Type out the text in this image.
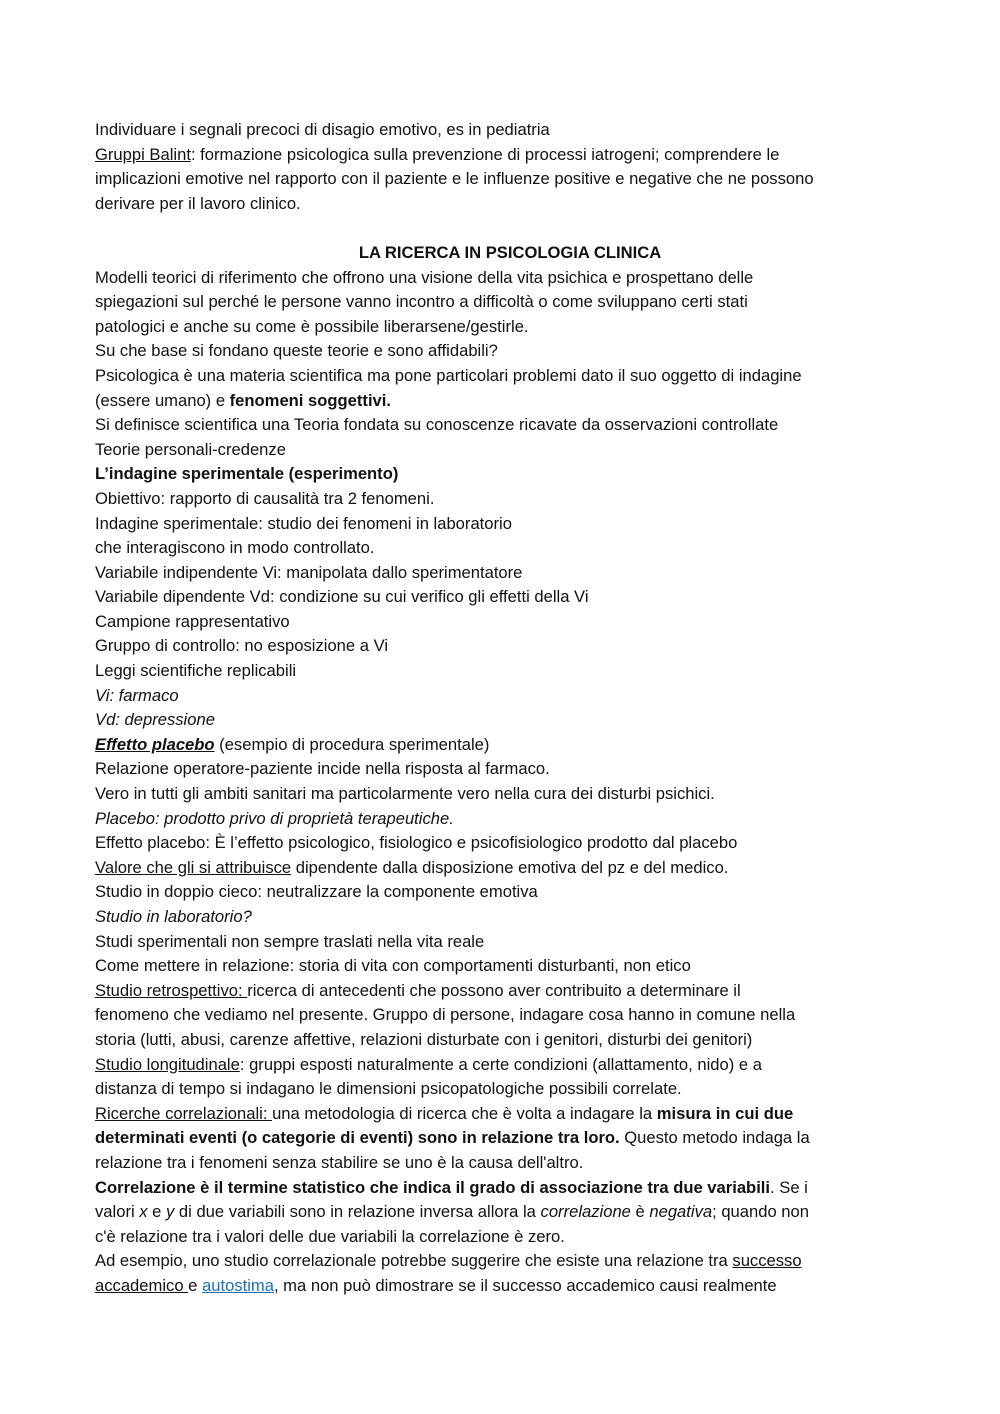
Individuare i segnali precoci di disagio emotivo, es in pediatria

Gruppi Balint: formazione psicologica sulla prevenzione di processi iatrogeni; comprendere le

implicazioni emotive nel rapporto con il paziente e le influenze positive e negative che ne possono

derivare per il lavoro clinico.

LA RICERCA IN PSICOLOGIA CLINICA

Modelli teorici di riferimento che offrono una visione della vita psichica e prospettano delle

spiegazioni sul perché le persone vanno incontro a difficoltà o come sviluppano certi stati

patologici e anche su come è possibile liberarsene/gestirle.

Su che base si fondano queste teorie e sono affidabili?

Psicologica è una materia scientifica ma pone particolari problemi dato il suo oggetto di indagine

(essere umano) e fenomeni soggettivi.

Si definisce scientifica una Teoria fondata su conoscenze ricavate da osservazioni controllate

Teorie personali-credenze

L’indagine sperimentale (esperimento)

Obiettivo: rapporto di causalità tra 2 fenomeni.

Indagine sperimentale: studio dei fenomeni in laboratorio

che interagiscono in modo controllato.

Variabile indipendente Vi: manipolata dallo sperimentatore

Variabile dipendente Vd: condizione su cui verifico gli effetti della Vi

Campione rappresentativo

Gruppo di controllo: no esposizione a Vi

Leggi scientifiche replicabili

Vi: farmaco

Vd: depressione

Effetto placebo (esempio di procedura sperimentale)

Relazione operatore-paziente incide nella risposta al farmaco.

Vero in tutti gli ambiti sanitari ma particolarmente vero nella cura dei disturbi psichici.

Placebo: prodotto privo di proprietà terapeutiche.

Effetto placebo: È l’effetto psicologico, fisiologico e psicofisiologico prodotto dal placebo

Valore che gli si attribuisce dipendente dalla disposizione emotiva del pz e del medico.

Studio in doppio cieco: neutralizzare la componente emotiva

Studio in laboratorio?

Studi sperimentali non sempre traslati nella vita reale

Come mettere in relazione: storia di vita con comportamenti disturbanti, non etico

Studio retrospettivo: ricerca di antecedenti che possono aver contribuito a determinare il

fenomeno che vediamo nel presente. Gruppo di persone, indagare cosa hanno in comune nella

storia (lutti, abusi, carenze affettive, relazioni disturbate con i genitori, disturbi dei genitori)

Studio longitudinale: gruppi esposti naturalmente a certe condizioni (allattamento, nido) e a

distanza di tempo si indagano le dimensioni psicopatologiche possibili correlate.

Ricerche correlazionali: una metodologia di ricerca che è volta a indagare la misura in cui due

determinati eventi (o categorie di eventi) sono in relazione tra loro. Questo metodo indaga la

relazione tra i fenomeni senza stabilire se uno è la causa dell'altro.

Correlazione è il termine statistico che indica il grado di associazione tra due variabili. Se i

valori x e y di due variabili sono in relazione inversa allora la correlazione è negativa; quando non

c'è relazione tra i valori delle due variabili la correlazione è zero.

Ad esempio, uno studio correlazionale potrebbe suggerire che esiste una relazione tra successo

accademico e autostima, ma non può dimostrare se il successo accademico causi realmente
